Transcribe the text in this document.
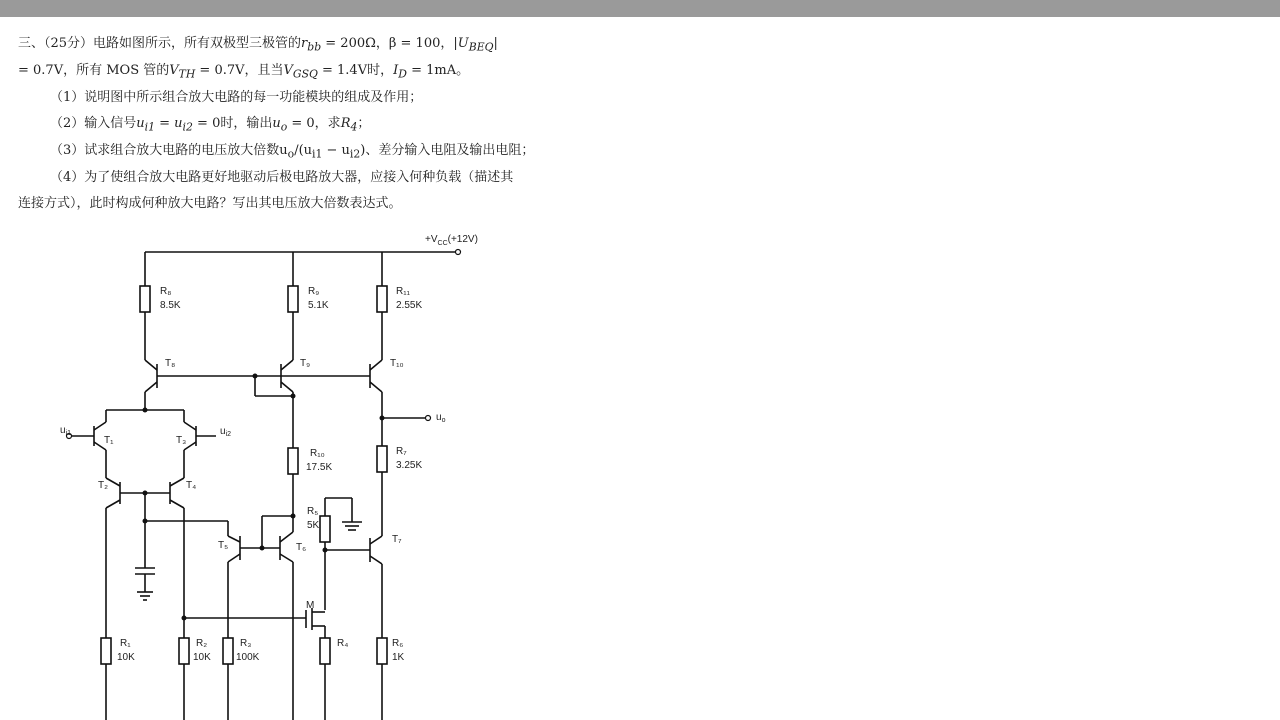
三、（25分）电路如图所示，所有双极型三极管的$r_{bb} = 200\Omega$，β = 100，$|U_{BEQ}|$
= 0.7V，所有 MOS 管的$V_{TH} = 0.7V$，且当$V_{GSQ} = 1.4V$时，$I_D = 1mA$。
（1）说明图中所示组合放大电路的每一功能模块的组成及作用；
（2）输入信号$u_{i1} = u_{i2} = 0$时，输出$u_o = 0$，求$R_4$；
（3）试求组合放大电路的电压放大倍数$u_o/(u_{i1} - u_{i2})$、差分输入电阻及输出电阻；
（4）为了使组合放大电路更好地驱动后极电路放大器，应接入何种负载（描述其
连接方式），此时构成何种放大电路？写出其电压放大倍数表达式。
$+V_{CC}(+12V)$
R₈
8.5K
R₉
5.1K
R₁₁
2.55K
T₈	T₉	T₁₀
$u_o$
$u_{i1}$
T₁
$u_{i2}$
T₃
T₂	T₄
R₁₀
17.5K
R₇
3.25K
T₅	T₆
R₅
5K
T₇
M
R₁
10K
R₂
10K
R₃
100K
R₄	R₆
1K
